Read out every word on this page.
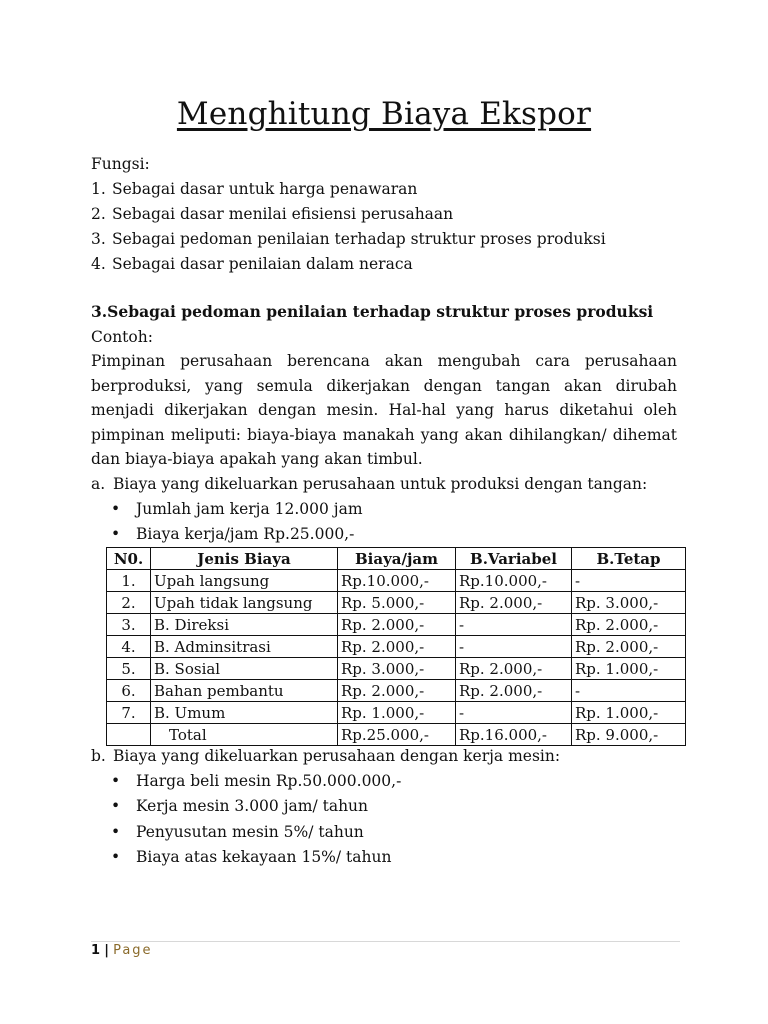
Menghitung Biaya Ekspor
Fungsi:
1. Sebagai dasar untuk harga penawaran
2. Sebagai dasar menilai efisiensi perusahaan
3. Sebagai pedoman penilaian terhadap struktur proses produksi
4. Sebagai dasar penilaian dalam neraca
3.Sebagai pedoman penilaian terhadap struktur proses produksi
Contoh:

Pimpinan perusahaan berencana akan mengubah cara perusahaan berproduksi, yang semula dikerjakan dengan tangan akan dirubah menjadi dikerjakan dengan mesin. Hal-hal yang harus diketahui oleh pimpinan meliputi: biaya-biaya manakah yang akan dihilangkan/ dihemat dan biaya-biaya apakah yang akan timbul.

a. Biaya yang dikeluarkan perusahaan untuk produksi dengan tangan:
• Jumlah jam kerja 12.000 jam
• Biaya kerja/jam Rp.25.000,-
N0.	Jenis Biaya	Biaya/jam	B.Variabel	B.Tetap
1.	Upah langsung	Rp.10.000,-	Rp.10.000,-	-
2.	Upah tidak langsung	Rp. 5.000,-	Rp. 2.000,-	Rp. 3.000,-
3.	B. Direksi	Rp. 2.000,-	-	Rp. 2.000,-
4.	B. Adminsitrasi	Rp. 2.000,-	-	Rp. 2.000,-
5.	B. Sosial	Rp. 3.000,-	Rp. 2.000,-	Rp. 1.000,-
6.	Bahan pembantu	Rp. 2.000,-	Rp. 2.000,-	-
7.	B. Umum	Rp. 1.000,-	-	Rp. 1.000,-
	Total	Rp.25.000,-	Rp.16.000,-	Rp. 9.000,-
b. Biaya yang dikeluarkan perusahaan dengan kerja mesin:
• Harga beli mesin Rp.50.000.000,-
• Kerja mesin 3.000 jam/ tahun
• Penyusutan mesin 5%/ tahun
• Biaya atas kekayaan 15%/ tahun
1 | Page
